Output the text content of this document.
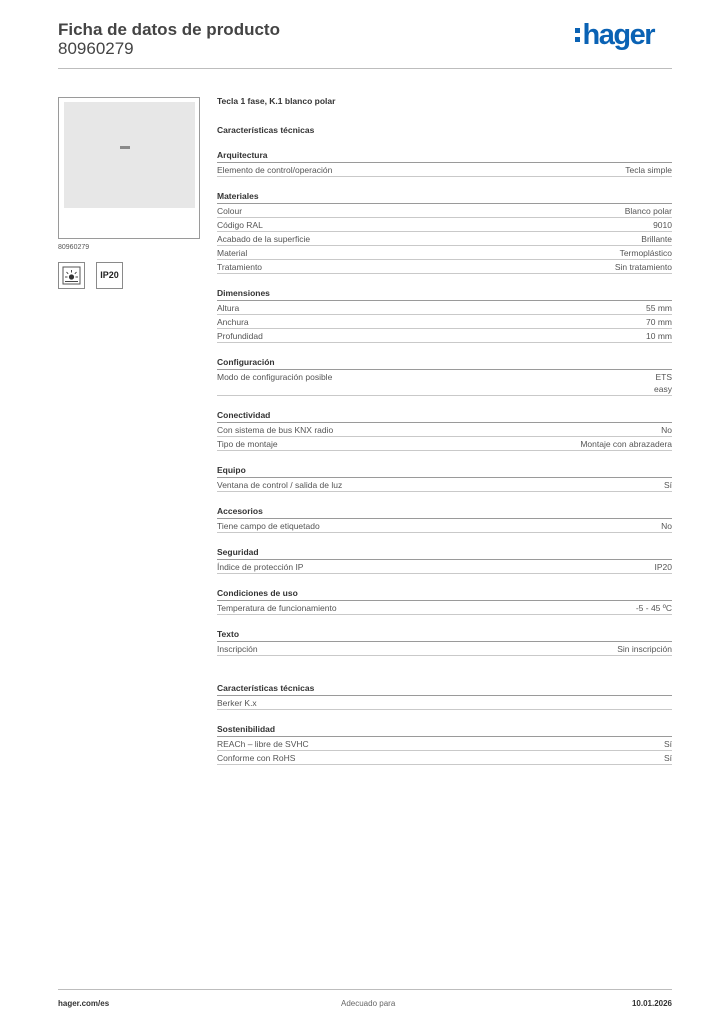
Ficha de datos de producto
80960279	hager
80960279
IP20
Tecla 1 fase, K.1 blanco polar
Características técnicas
Arquitectura
Elemento de control/operación	Tecla simple
Materiales
Colour	Blanco polar
Código RAL	9010
Acabado de la superficie	Brillante
Material	Termoplástico
Tratamiento	Sin tratamiento
Dimensiones
Altura	55 mm
Anchura	70 mm
Profundidad	10 mm
Configuración
Modo de configuración posible	ETS
easy
Conectividad
Con sistema de bus KNX radio	No
Tipo de montaje	Montaje con abrazadera
Equipo
Ventana de control / salida de luz	Sí
Accesorios
Tiene campo de etiquetado	No
Seguridad
Índice de protección IP	IP20
Condiciones de uso
Temperatura de funcionamiento	-5 - 45 ºC
Texto
Inscripción	Sin inscripción
Características técnicas
Berker K.x
Sostenibilidad
REACh – libre de SVHC	Sí
Conforme con RoHS	Sí
hager.com/es	Adecuado para	10.01.2026
